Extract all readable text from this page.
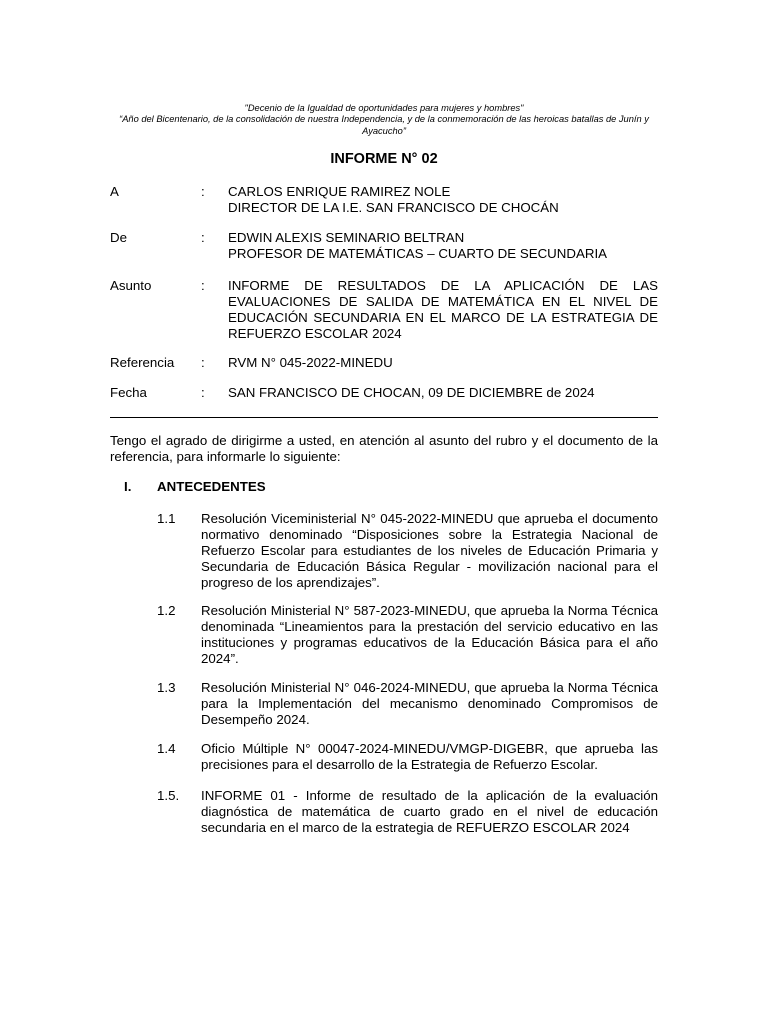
"Decenio de la Igualdad de oportunidades para mujeres y hombres"
“Año del Bicentenario, de la consolidación de nuestra Independencia, y de la conmemoración de las heroicas batallas de Junín y Ayacucho”
INFORME N° 02
A	: CARLOS ENRIQUE RAMIREZ NOLE
DIRECTOR DE LA I.E. SAN FRANCISCO DE CHOCÁN
De	: EDWIN ALEXIS SEMINARIO BELTRAN
PROFESOR DE MATEMÁTICAS – CUARTO DE SECUNDARIA
Asunto	: INFORME DE RESULTADOS DE LA APLICACIÓN DE LAS EVALUACIONES DE SALIDA DE MATEMÁTICA EN EL NIVEL DE EDUCACIÓN SECUNDARIA EN EL MARCO DE LA ESTRATEGIA DE REFUERZO ESCOLAR 2024
Referencia : RVM N° 045-2022-MINEDU
Fecha	: SAN FRANCISCO DE CHOCAN, 09 DE DICIEMBRE de 2024
Tengo el agrado de dirigirme a usted, en atención al asunto del rubro y el documento de la referencia, para informarle lo siguiente:
I. ANTECEDENTES
1.1 Resolución Viceministerial N° 045-2022-MINEDU que aprueba el documento normativo denominado “Disposiciones sobre la Estrategia Nacional de Refuerzo Escolar para estudiantes de los niveles de Educación Primaria y Secundaria de Educación Básica Regular - movilización nacional para el progreso de los aprendizajes”.
1.2 Resolución Ministerial N° 587-2023-MINEDU, que aprueba la Norma Técnica denominada “Lineamientos para la prestación del servicio educativo en las instituciones y programas educativos de la Educación Básica para el año 2024”.
1.3 Resolución Ministerial N° 046-2024-MINEDU, que aprueba la Norma Técnica para la Implementación del mecanismo denominado Compromisos de Desempeño 2024.
1.4 Oficio Múltiple N° 00047-2024-MINEDU/VMGP-DIGEBR, que aprueba las precisiones para el desarrollo de la Estrategia de Refuerzo Escolar.
1.5. INFORME 01 - Informe de resultado de la aplicación de la evaluación diagnóstica de matemática de cuarto grado en el nivel de educación secundaria en el marco de la estrategia de REFUERZO ESCOLAR 2024
